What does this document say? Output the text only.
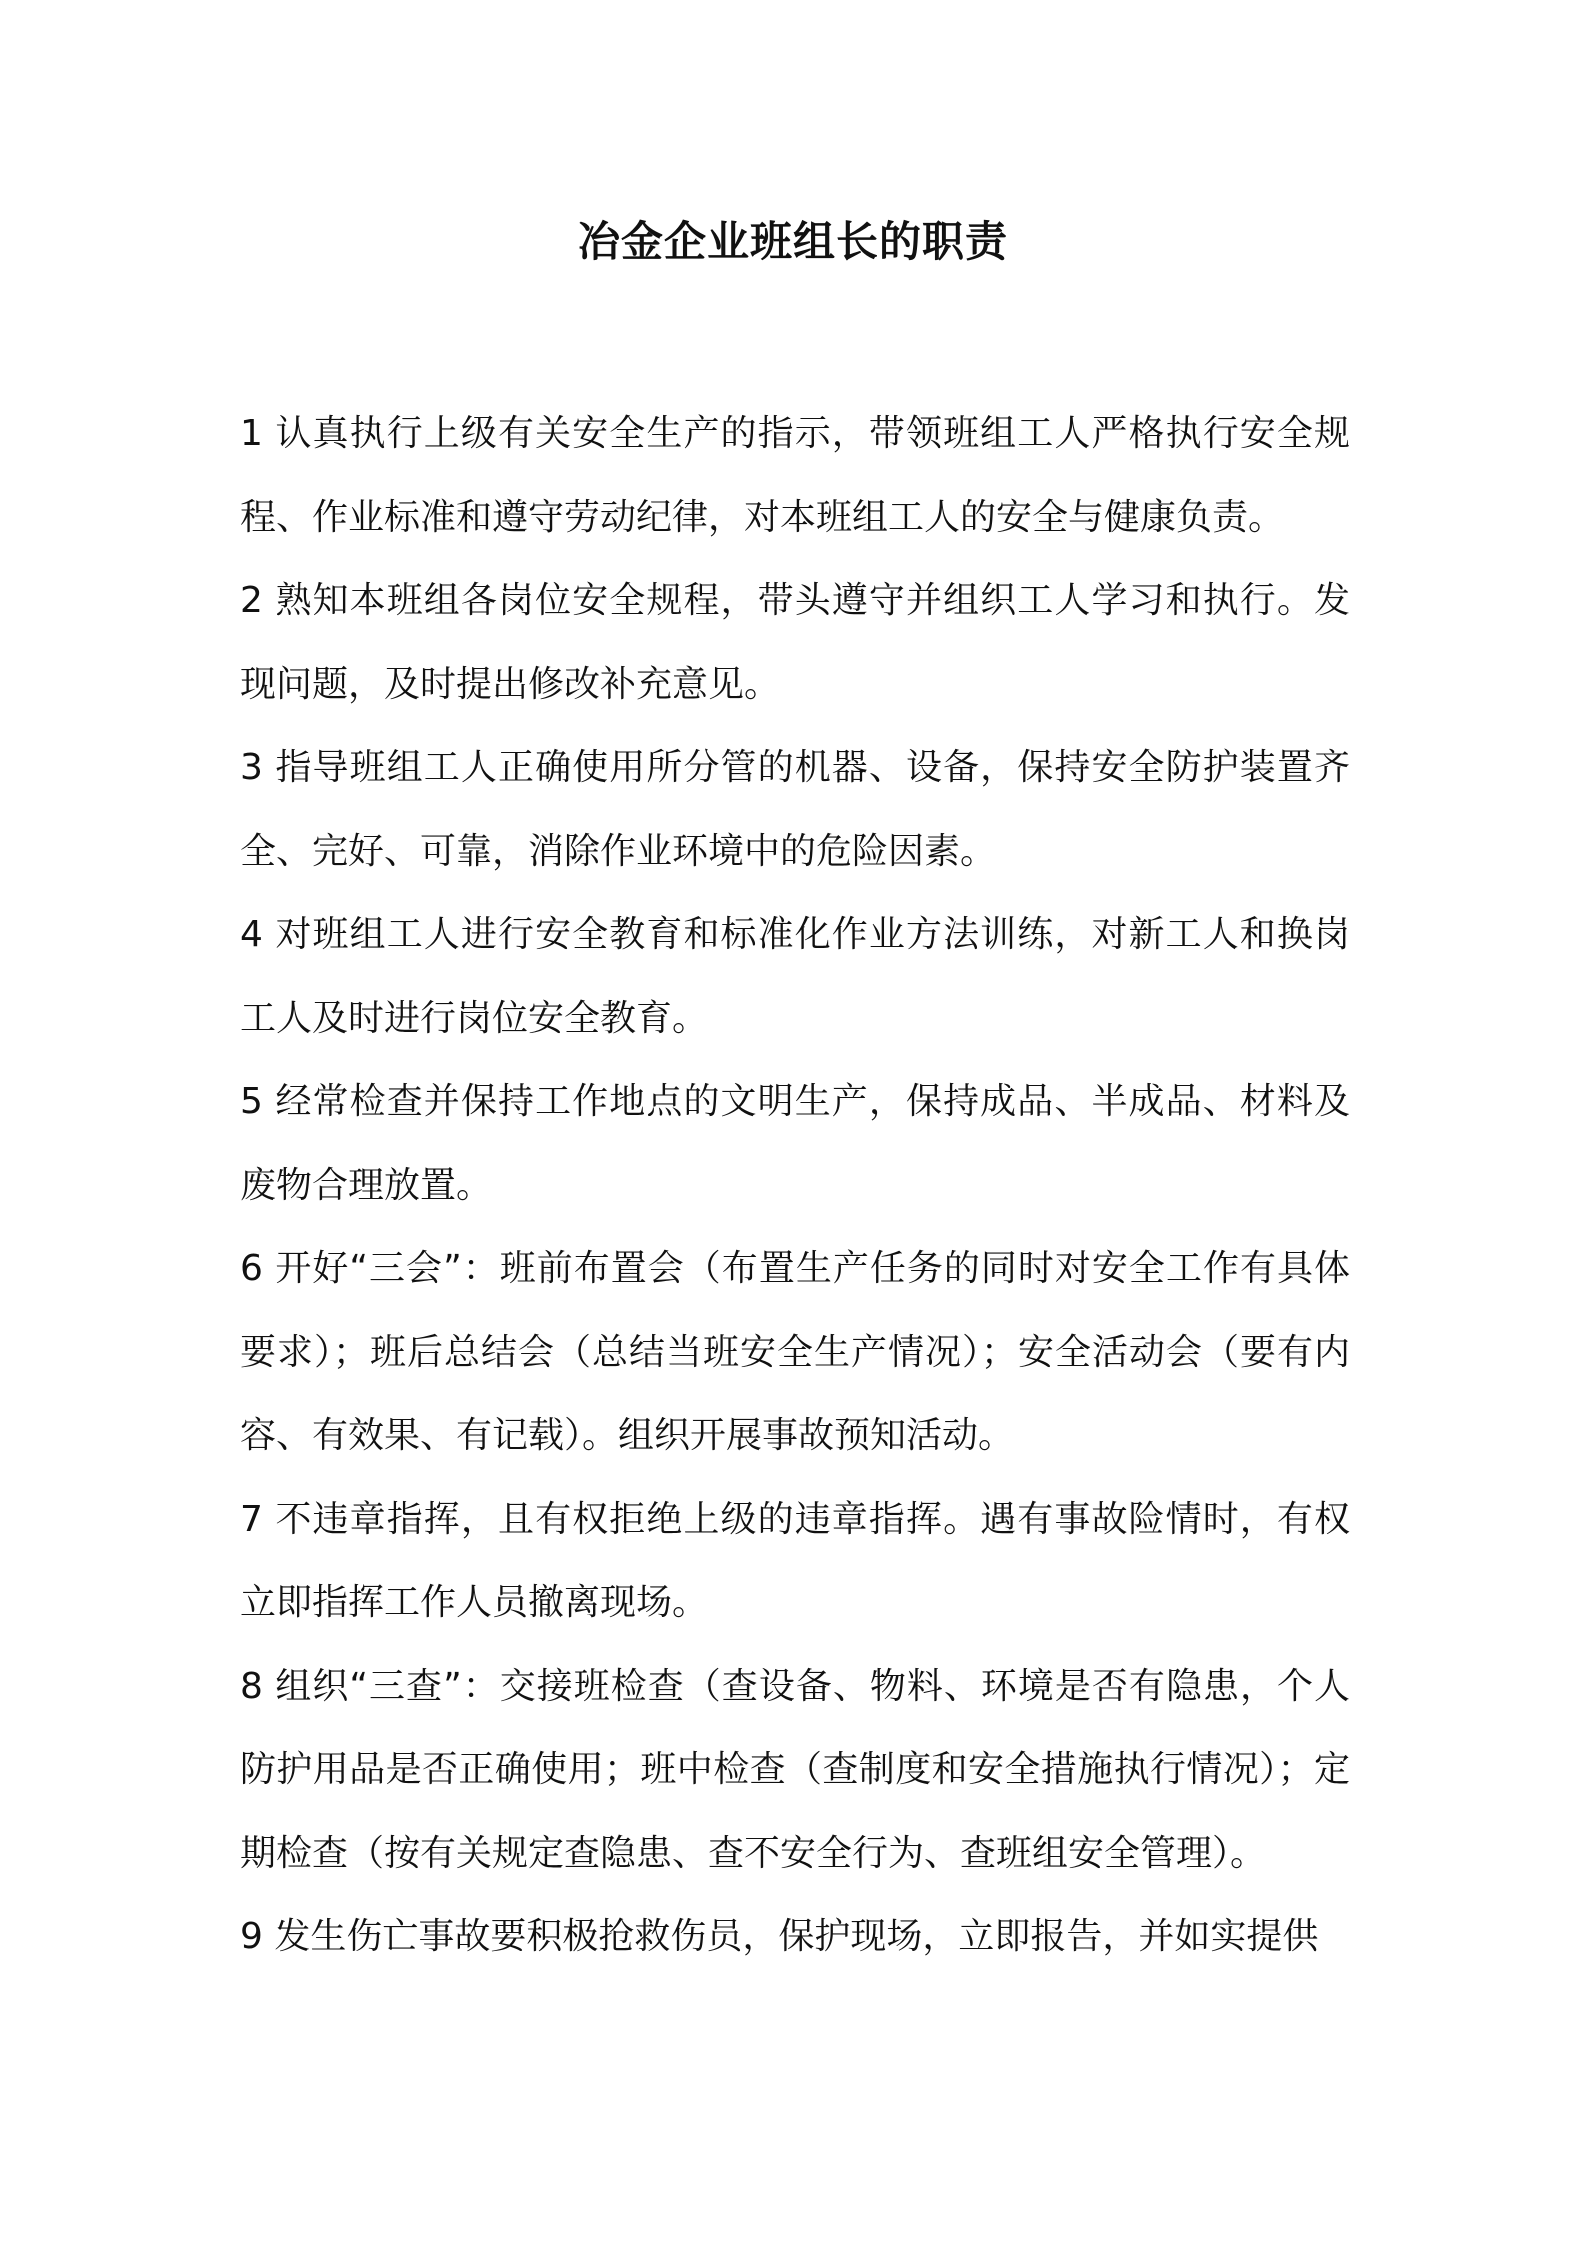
冶金企业班组长的职责
1 认真执行上级有关安全生产的指示，带领班组工人严格执行安全规程、作业标准和遵守劳动纪律，对本班组工人的安全与健康负责。
2 熟知本班组各岗位安全规程，带头遵守并组织工人学习和执行。发现问题，及时提出修改补充意见。
3 指导班组工人正确使用所分管的机器、设备，保持安全防护装置齐全、完好、可靠，消除作业环境中的危险因素。
4 对班组工人进行安全教育和标准化作业方法训练，对新工人和换岗工人及时进行岗位安全教育。
5 经常检查并保持工作地点的文明生产，保持成品、半成品、材料及废物合理放置。
6 开好“三会”：班前布置会（布置生产任务的同时对安全工作有具体要求）；班后总结会（总结当班安全生产情况）；安全活动会（要有内容、有效果、有记载）。组织开展事故预知活动。
7 不违章指挥，且有权拒绝上级的违章指挥。遇有事故险情时，有权立即指挥工作人员撤离现场。
8 组织“三查”：交接班检查（查设备、物料、环境是否有隐患，个人防护用品是否正确使用；班中检查（查制度和安全措施执行情况）；定期检查（按有关规定查隐患、查不安全行为、查班组安全管理）。
9 发生伤亡事故要积极抢救伤员，保护现场，立即报告，并如实提供
